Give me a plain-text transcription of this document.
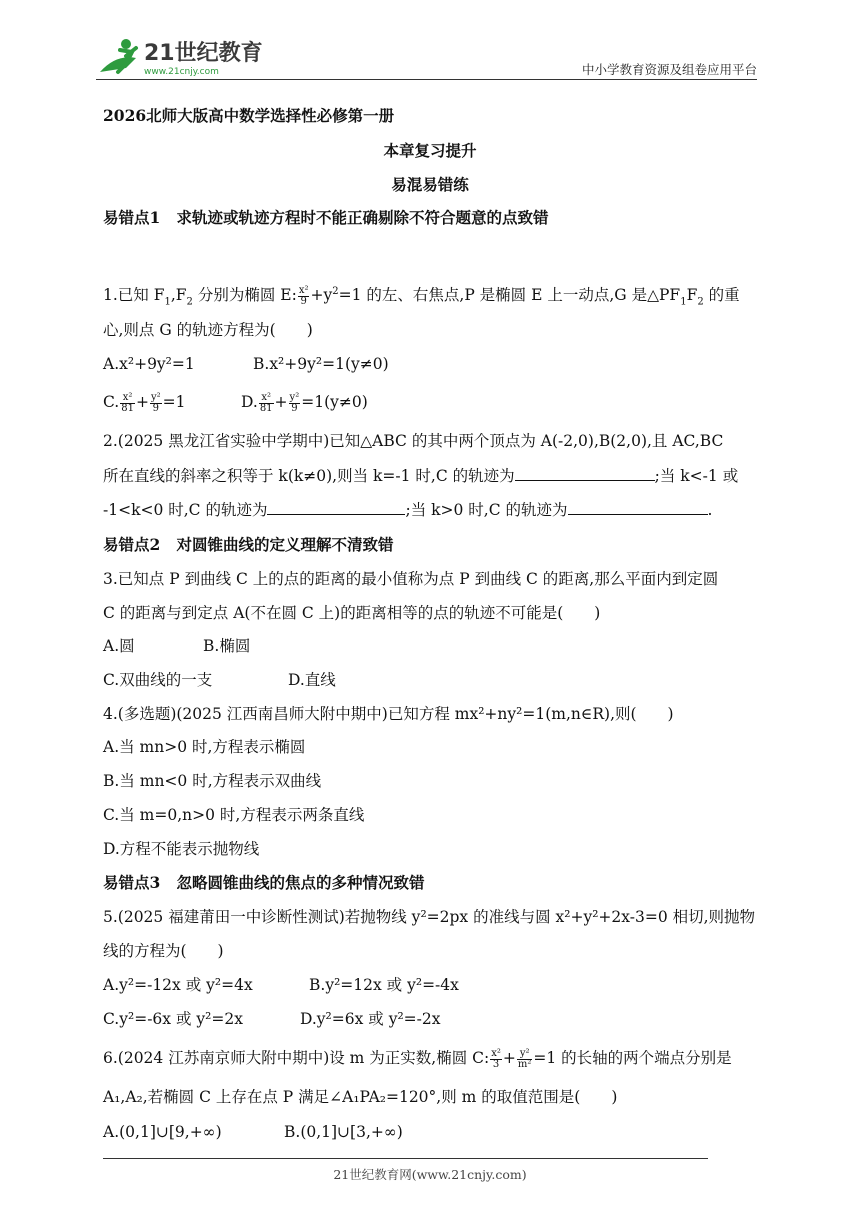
21世纪教育
www.21cnjy.com	中小学教育资源及组卷应用平台
2026北师大版高中数学选择性必修第一册
本章复习提升
易混易错练
易错点1 求轨迹或轨迹方程时不能正确剔除不符合题意的点致错
1.已知 $F_1,F_2$ 分别为椭圆 E: $\frac{\text{x²}}{9} +y^2=1$ 的左、右焦点,P 是椭圆 E 上一动点,G 是$\triangle PF_1F_2$ 的重
心,则点 G 的轨迹方程为(　　)
A.x²+9y²=1	B.x²+9y²=1(y≠0)
C. $\frac{\text{x²}}{81} + \frac{\text{y²}}{9} =1$	D. $\frac{\text{x²}}{81} + \frac{\text{y²}}{9} =1(y\ne 0)$
2.(2025 黑龙江省实验中学期中)已知△ABC 的其中两个顶点为 A(-2,0),B(2,0),且 AC,BC
所在直线的斜率之积等于 k(k≠0),则当 k=-1 时,C 的轨迹为	;当 k<-1 或
-1<k<0 时,C 的轨迹为	;当 k>0 时,C 的轨迹为	.
易错点2 对圆锥曲线的定义理解不清致错
3.已知点 P 到曲线 C 上的点的距离的最小值称为点 P 到曲线 C 的距离,那么平面内到定圆
C 的距离与到定点 A(不在圆 C 上)的距离相等的点的轨迹不可能是(　　)
A.圆	B.椭圆
C.双曲线的一支	D.直线
4.(多选题)(2025 江西南昌师大附中期中)已知方程 mx²+ny²=1(m,n∈R),则(　　)
A.当 mn>0 时,方程表示椭圆
B.当 mn<0 时,方程表示双曲线
C.当 m=0,n>0 时,方程表示两条直线
D.方程不能表示抛物线
易错点3 忽略圆锥曲线的焦点的多种情况致错
5.(2025 福建莆田一中诊断性测试)若抛物线 y²=2px 的准线与圆 x²+y²+2x-3=0 相切,则抛物
线的方程为(　　)
A.y²=-12x 或 y²=4x	B.y²=12x 或 y²=-4x
C.y²=-6x 或 y²=2x	D.y²=6x 或 y²=-2x
6.(2024 江苏南京师大附中期中)设 m 为正实数,椭圆 C: $\frac{\text{x²}}{3} + \frac{\text{y²}}{\text{m²}} =1$ 的长轴的两个端点分别是
A₁,A₂,若椭圆 C 上存在点 P 满足∠A₁PA₂=120°,则 m 的取值范围是(　　)
A.(0,1]∪[9,+∞)	B.(0,1]∪[3,+∞)
21世纪教育网(www.21cnjy.com)
